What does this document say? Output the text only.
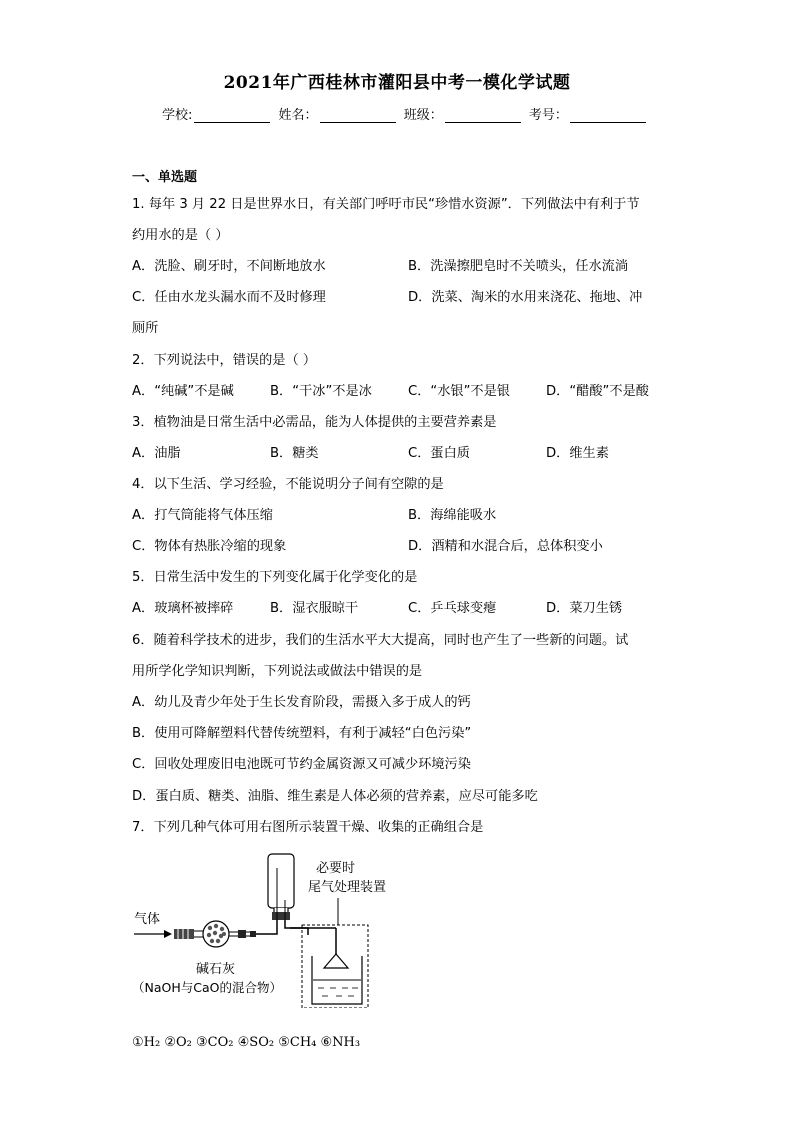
2021年广西桂林市灌阳县中考一模化学试题
学校:	姓名：	班级：	考号：
一、单选题
1. 每年 3 月 22 日是世界水日，有关部门呼吁市民“珍惜水资源”．下列做法中有利于节
约用水的是（ ）
A．洗脸、刷牙时，不间断地放水	B．洗澡擦肥皂时不关喷头，任水流淌
C．任由水龙头漏水而不及时修理	D．洗菜、淘米的水用来浇花、拖地、冲
厕所
2．下列说法中，错误的是（ ）
A．“纯碱”不是碱	B．“干冰”不是冰	C．“水银”不是银	D．“醋酸”不是酸
3．植物油是日常生活中必需品，能为人体提供的主要营养素是
A．油脂	B．糖类	C．蛋白质	D．维生素
4．以下生活、学习经验，不能说明分子间有空隙的是
A．打气筒能将气体压缩	B．海绵能吸水
C．物体有热胀冷缩的现象	D．酒精和水混合后，总体积变小
5．日常生活中发生的下列变化属于化学变化的是
A．玻璃杯被摔碎	B．湿衣服晾干	C．乒乓球变瘪	D．菜刀生锈
6．随着科学技术的进步，我们的生活水平大大提高，同时也产生了一些新的问题。试
用所学化学知识判断，下列说法或做法中错误的是
A．幼儿及青少年处于生长发育阶段，需摄入多于成人的钙
B．使用可降解塑料代替传统塑料，有利于减轻“白色污染”
C．回收处理废旧电池既可节约金属资源又可减少环境污染
D．蛋白质、糖类、油脂、维生素是人体必须的营养素，应尽可能多吃
7．下列几种气体可用右图所示装置干燥、收集的正确组合是
气体
必要时
尾气处理装置
碱石灰
（NaOH与CaO的混合物）
①H₂ ②O₂ ③CO₂ ④SO₂ ⑤CH₄ ⑥NH₃
